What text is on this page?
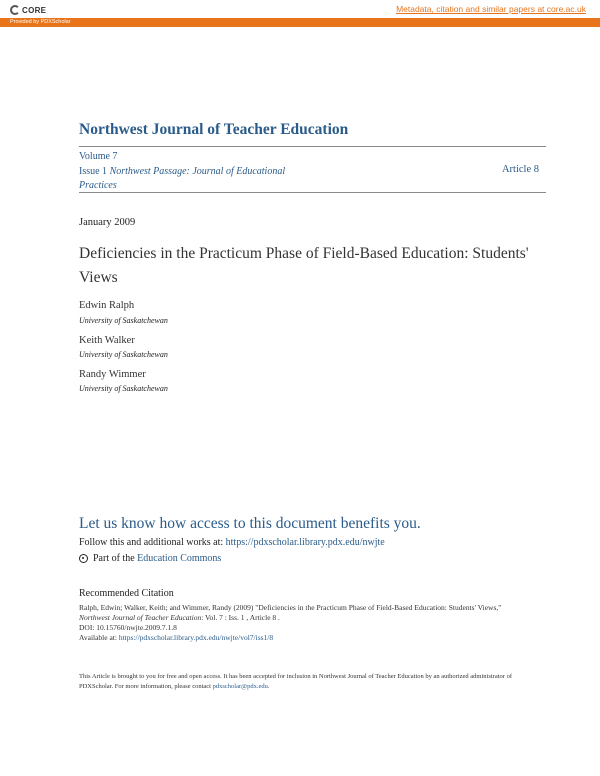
CORE	Metadata, citation and similar papers at core.ac.uk
Provided by PDXScholar
Northwest Journal of Teacher Education
Volume 7
Issue 1 Northwest Passage: Journal of Educational Practices
Article 8
January 2009
Deficiencies in the Practicum Phase of Field-Based Education: Students' Views
Edwin Ralph
University of Saskatchewan
Keith Walker
University of Saskatchewan
Randy Wimmer
University of Saskatchewan
Let us know how access to this document benefits you.
Follow this and additional works at: https://pdxscholar.library.pdx.edu/nwjte
Part of the
Education Commons
Recommended Citation
Ralph, Edwin; Walker, Keith; and Wimmer, Randy (2009) "Deficiencies in the Practicum Phase of Field-Based Education: Students' Views," Northwest Journal of Teacher Education: Vol. 7 : Iss. 1 , Article 8 .
DOI: 10.15760/nwjte.2009.7.1.8
Available at: https://pdxscholar.library.pdx.edu/nwjte/vol7/iss1/8
This Article is brought to you for free and open access. It has been accepted for inclusion in Northwest Journal of Teacher Education by an authorized administrator of PDXScholar. For more information, please contact pdxscholar@pdx.edu.
